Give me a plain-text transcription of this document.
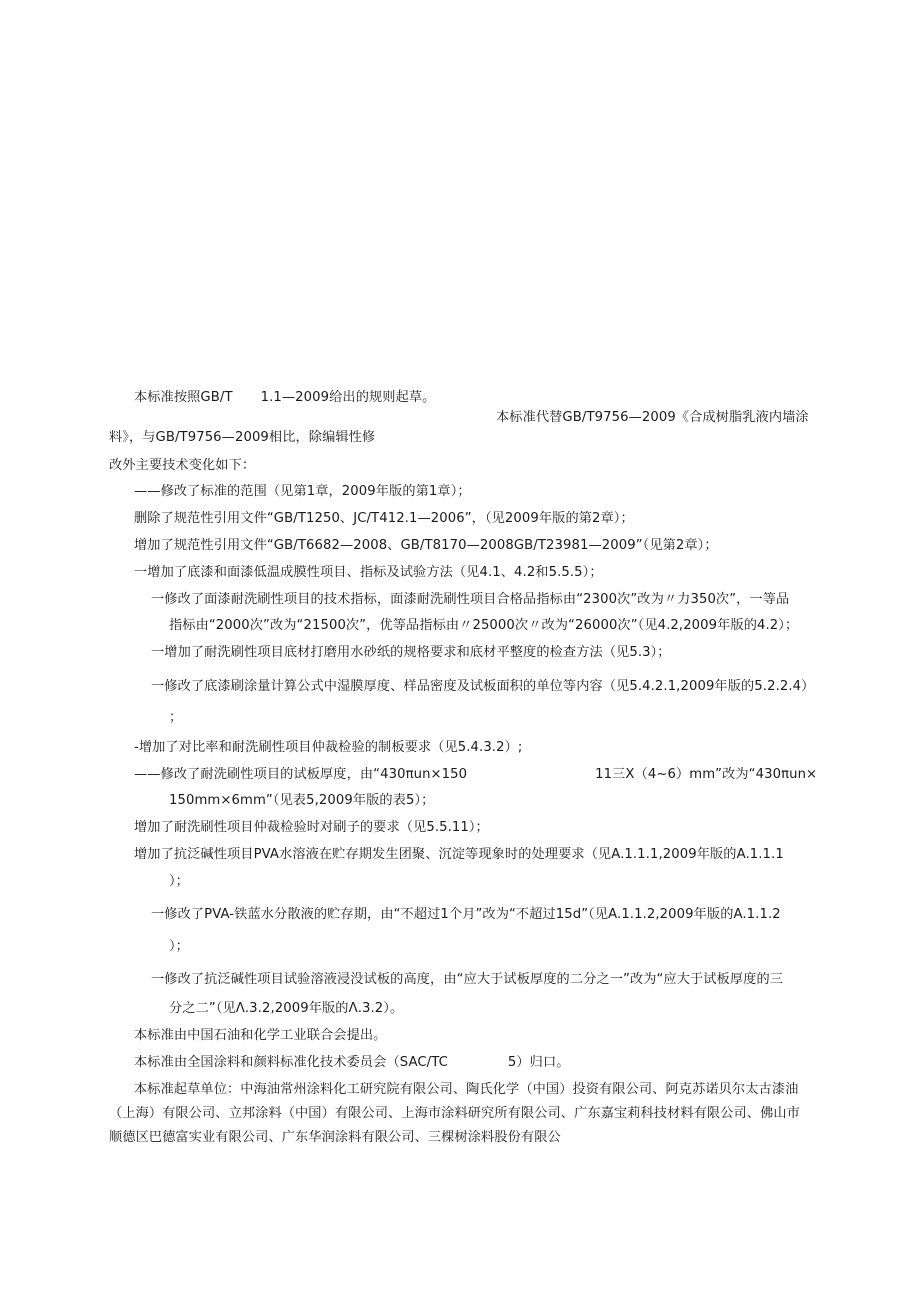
本标准按照GB/T 1.1—2009给出的规则起草。
本标准代替GB/T9756—2009《合成树脂乳液内墙涂
料》，与GB/T9756—2009相比，除编辑性修
改外主要技术变化如下：
——修改了标准的范围（见第1章，2009年版的第1章）；
删除了规范性引用文件“GB/T1250、JC/T412.1—2006”，（见2009年版的第2章）；
增加了规范性引用文件“GB/T6682—2008、GB/T8170—2008GB/T23981—2009”（见第2章）；
一增加了底漆和面漆低温成膜性项目、指标及试验方法（见4.1、4.2和5.5.5）；
一修改了面漆耐洗刷性项目的技术指标，面漆耐洗刷性项目合格品指标由“2300次”改为〃力350次”，一等品
指标由“2000次”改为“21500次”，优等品指标由〃25000次〃改为“26000次”（见4.2,2009年版的4.2）；
一增加了耐洗刷性项目底材打磨用水砂纸的规格要求和底材平整度的检查方法（见5.3）；
一修改了底漆刷涂量计算公式中湿膜厚度、样品密度及试板面积的单位等内容（见5.4.2.1,2009年版的5.2.2.4）
；
-增加了对比率和耐洗刷性项目仲裁检验的制板要求（见5.4.3.2）;
——修改了耐洗刷性项目的试板厚度，由“430πun×150	11三X（4~6）mm”改为“430πun×
150mm×6mm”（见表5,2009年版的表5）；
增加了耐洗刷性项目仲裁检验时对刷子的要求（见5.5.11）；
增加了抗泛碱性项目PVA水溶液在贮存期发生团聚、沉淀等现象时的处理要求（见A.1.1.1,2009年版的A.1.1.1
）；
一修改了PVA-铁蓝水分散液的贮存期，由“不超过1个月”改为“不超过15d”（见A.1.1.2,2009年版的A.1.1.2
）；
一修改了抗泛碱性项目试验溶液浸没试板的高度，由“应大于试板厚度的二分之一”改为“应大于试板厚度的三
分之二”（见Λ.3.2,2009年版的Λ.3.2）。
本标准由中国石油和化学工业联合会提出。
本标准由全国涂料和颜料标准化技术委员会（SAC/TC	5）归口。
本标准起草单位：中海油常州涂料化工研究院有限公司、陶氏化学（中国）投资有限公司、阿克苏诺贝尔太古漆油
（上海）有限公司、立邦涂料（中国）有限公司、上海市涂料研究所有限公司、广东嘉宝莉科技材料有限公司、佛山市
顺德区巴德富实业有限公司、广东华润涂料有限公司、三棵树涂料股份有限公
